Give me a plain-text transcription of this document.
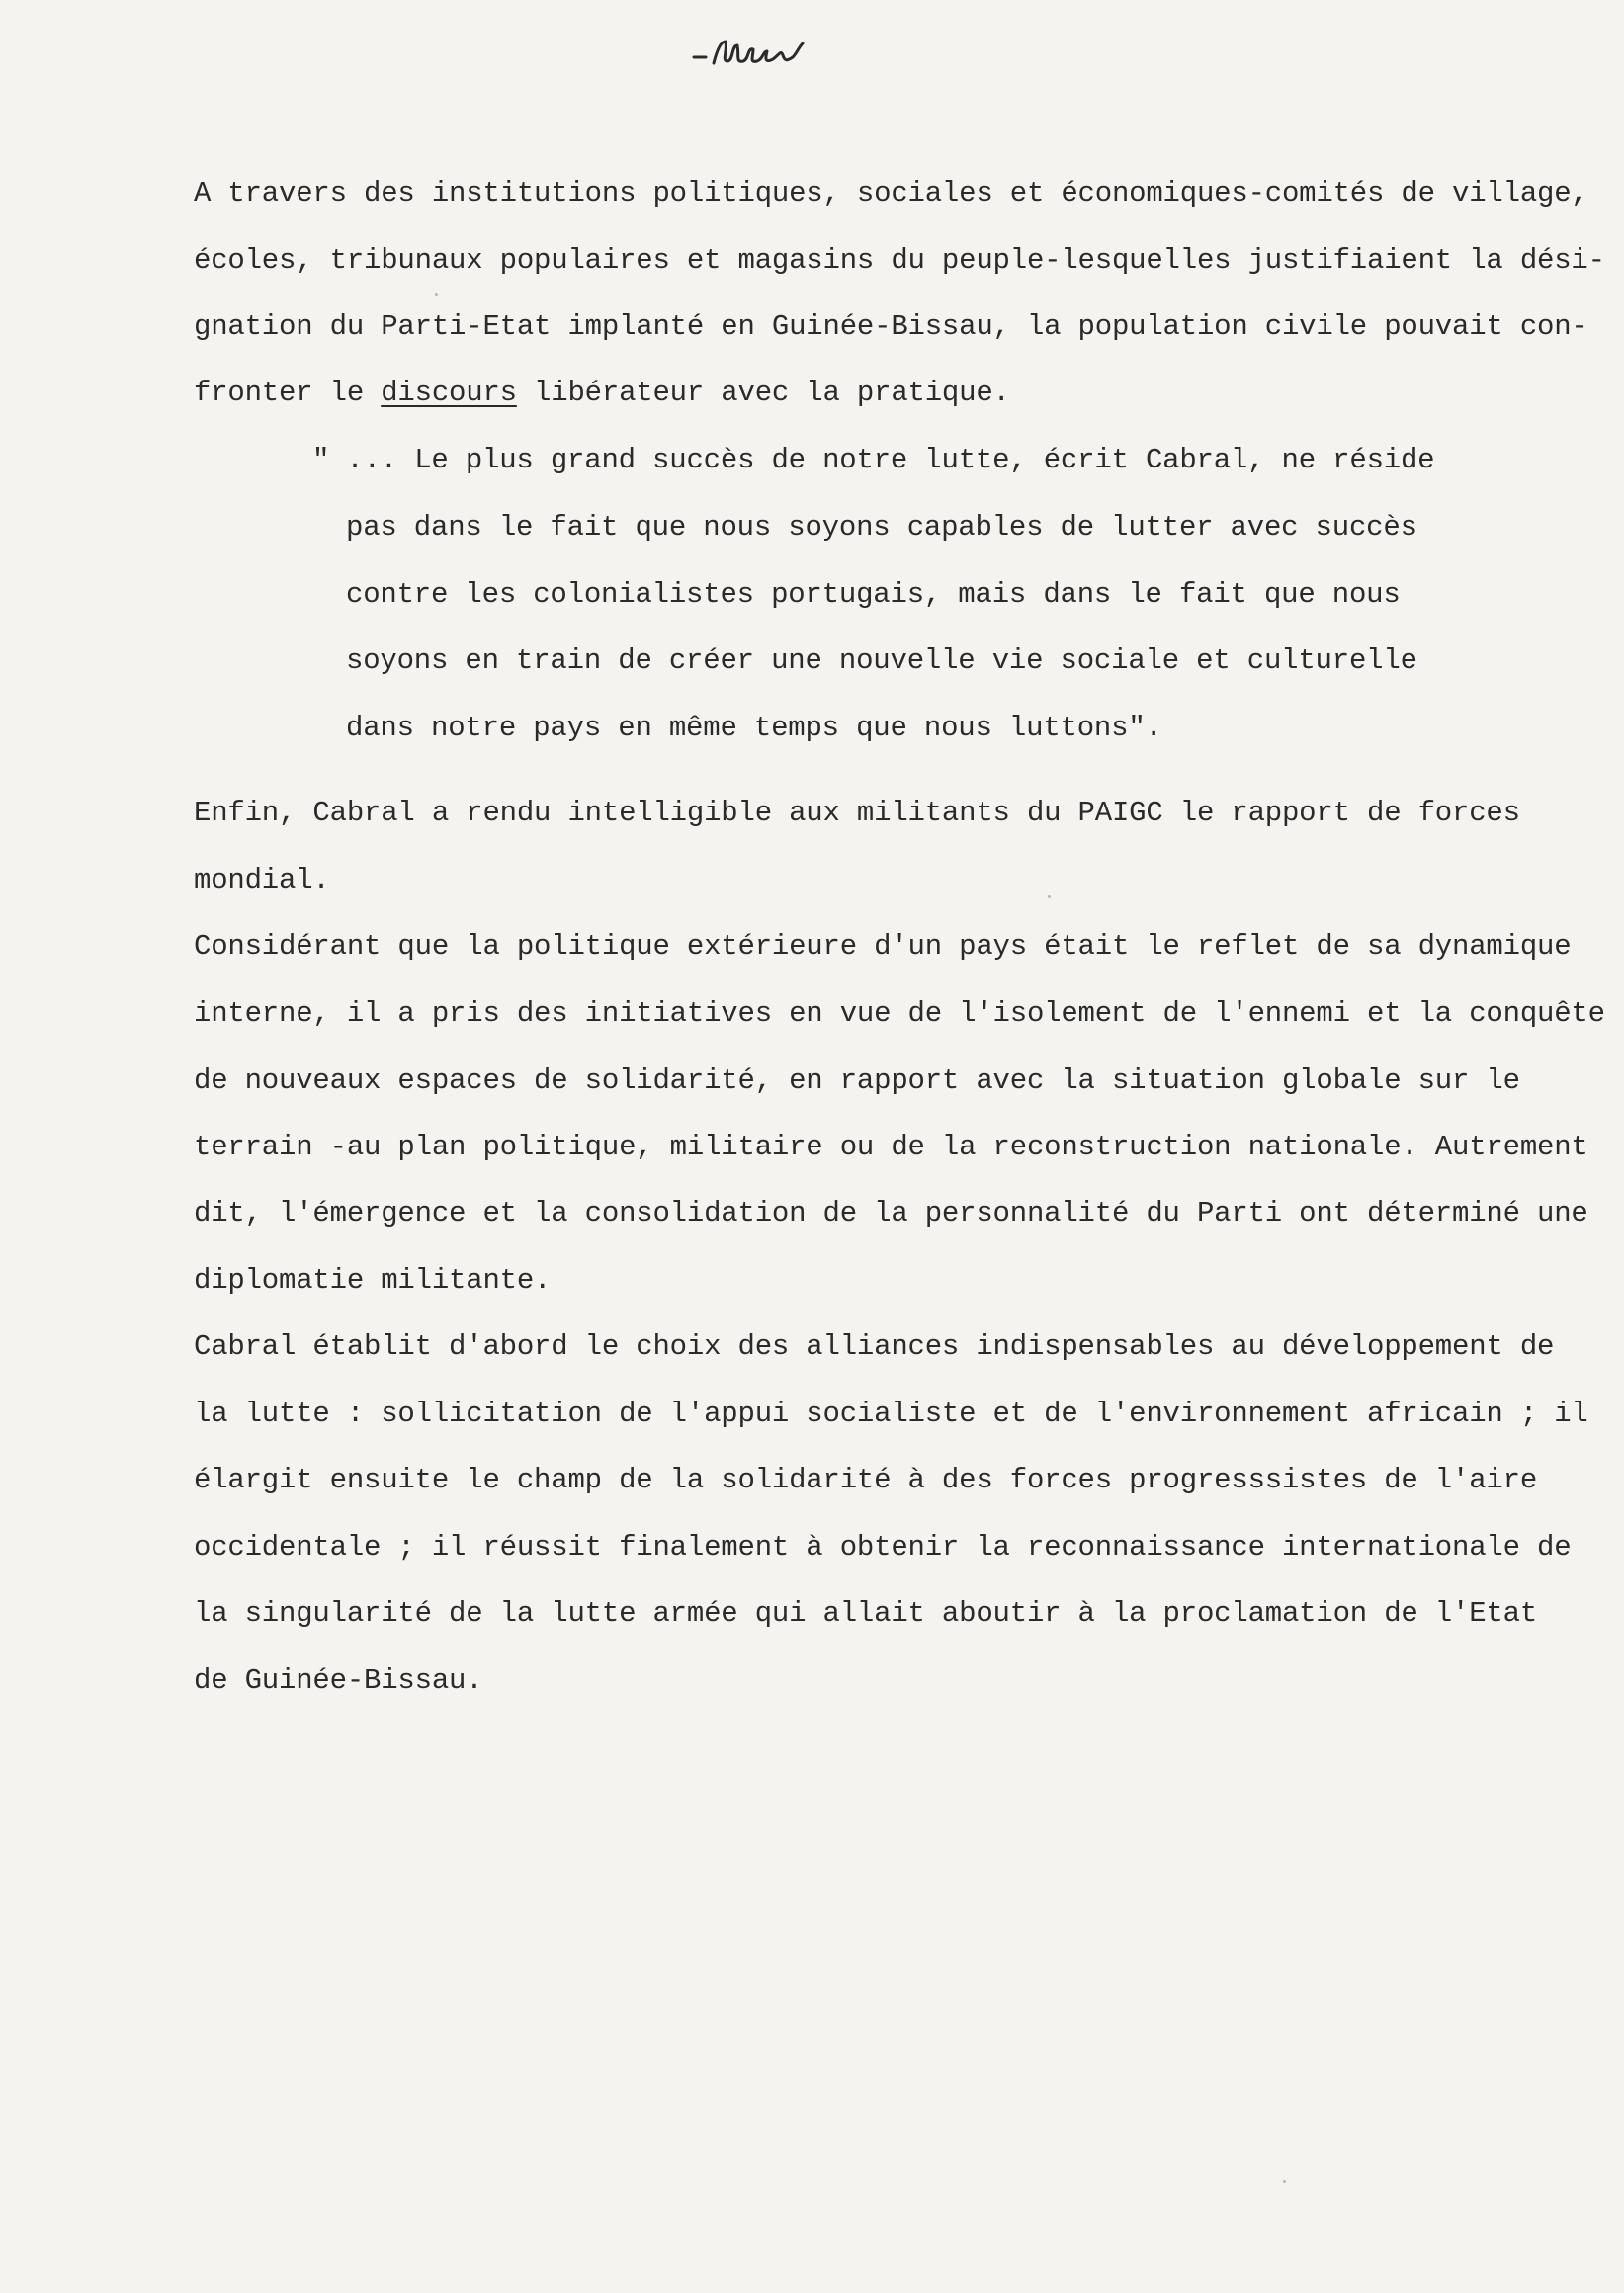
A travers des institutions politiques, sociales et économiques-comités de village,
écoles, tribunaux populaires et magasins du peuple-lesquelles justifiaient la dési-
gnation du Parti-Etat implanté en Guinée-Bissau, la population civile pouvait con-
fronter le discours libérateur avec la pratique.
" ... Le plus grand succès de notre lutte, écrit Cabral, ne réside
pas dans le fait que nous soyons capables de lutter avec succès
contre les colonialistes portugais, mais dans le fait que nous
soyons en train de créer une nouvelle vie sociale et culturelle
dans notre pays en même temps que nous luttons".
Enfin, Cabral a rendu intelligible aux militants du PAIGC le rapport de forces
mondial.
Considérant que la politique extérieure d'un pays était le reflet de sa dynamique
interne, il a pris des initiatives en vue de l'isolement de l'ennemi et la conquête
de nouveaux espaces de solidarité, en rapport avec la situation globale sur le
terrain -au plan politique, militaire ou de la reconstruction nationale. Autrement
dit, l'émergence et la consolidation de la personnalité du Parti ont déterminé une
diplomatie militante.
Cabral établit d'abord le choix des alliances indispensables au développement de
la lutte : sollicitation de l'appui socialiste et de l'environnement africain ; il
élargit ensuite le champ de la solidarité à des forces progresssistes de l'aire
occidentale ; il réussit finalement à obtenir la reconnaissance internationale de
la singularité de la lutte armée qui allait aboutir à la proclamation de l'Etat
de Guinée-Bissau.
